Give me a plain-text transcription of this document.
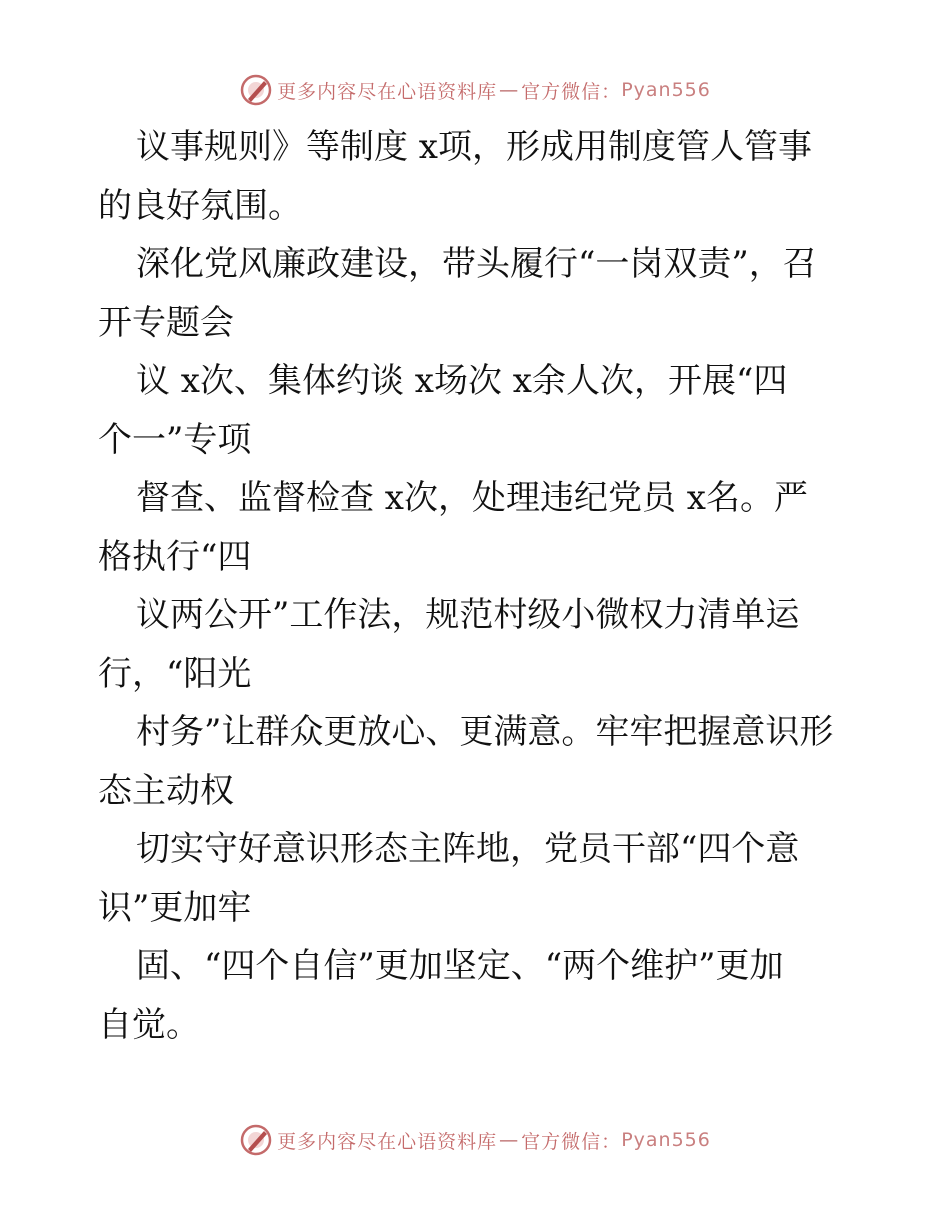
更多内容尽在心语资料库 — 官方微信： Pyan556
议事规则》等制度 x项，形成用制度管人管事
的良好氛围。
深化党风廉政建设，带头履行“一岗双责”，召
开专题会
议 x次、集体约谈 x场次 x余人次，开展“四
个一”专项
督查、监督检查 x次，处理违纪党员 x名。严
格执行“四
议两公开”工作法，规范村级小微权力清单运
行，“阳光
村务”让群众更放心、更满意。牢牢把握意识形
态主动权
切实守好意识形态主阵地，党员干部“四个意
识”更加牢
固、“四个自信”更加坚定、“两个维护”更加
自觉。
更多内容尽在心语资料库 — 官方微信： Pyan556
